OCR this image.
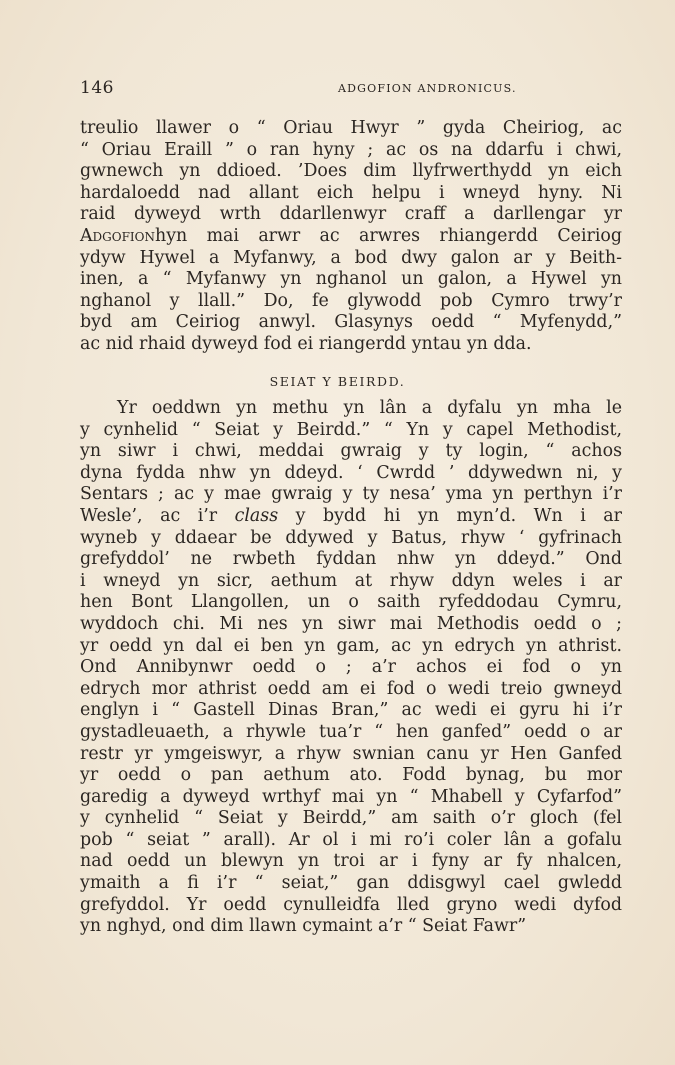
146	ADGOFION ANDRONICUS.
treulio llawer o “ Oriau Hwyr ” gyda Cheiriog, ac
“ Oriau Eraill ” o ran hyny ; ac os na ddarfu i chwi,
gwnewch yn ddioed. ’Does dim llyfrwerthydd yn eich
hardaloedd nad allant eich helpu i wneyd hyny. Ni
raid dyweyd wrth ddarllenwyr craff a darllengar yr
Adgofionhyn mai arwr ac arwres rhiangerdd Ceiriog
ydyw Hywel a Myfanwy, a bod dwy galon ar y Beith-
inen, a “ Myfanwy yn nghanol un galon, a Hywel yn
nghanol y llall.” Do, fe glywodd pob Cymro trwy’r
byd am Ceiriog anwyl. Glasynys oedd “ Myfenydd,”
ac nid rhaid dyweyd fod ei riangerdd yntau yn dda.
SEIAT Y BEIRDD.
Yr oeddwn yn methu yn lân a dyfalu yn mha le
y cynhelid “ Seiat y Beirdd.” “ Yn y capel Methodist,
yn siwr i chwi, meddai gwraig y ty login, “ achos
dyna fydda nhw yn ddeyd. ‘ Cwrdd ’ ddywedwn ni, y
Sentars ; ac y mae gwraig y ty nesa’ yma yn perthyn i’r
Wesle’, ac i’r class y bydd hi yn myn’d. Wn i ar
wyneb y ddaear be ddywed y Batus, rhyw ‘ gyfrinach
grefyddol’ ne rwbeth fyddan nhw yn ddeyd.” Ond
i wneyd yn sicr, aethum at rhyw ddyn weles i ar
hen Bont Llangollen, un o saith ryfeddodau Cymru,
wyddoch chi. Mi nes yn siwr mai Methodis oedd o ;
yr oedd yn dal ei ben yn gam, ac yn edrych yn athrist.
Ond Annibynwr oedd o ; a’r achos ei fod o yn
edrych mor athrist oedd am ei fod o wedi treio gwneyd
englyn i “ Gastell Dinas Bran,” ac wedi ei gyru hi i’r
gystadleuaeth, a rhywle tua’r “ hen ganfed” oedd o ar
restr yr ymgeiswyr, a rhyw swnian canu yr Hen Ganfed
yr oedd o pan aethum ato. Fodd bynag, bu mor
garedig a dyweyd wrthyf mai yn “ Mhabell y Cyfarfod”
y cynhelid “ Seiat y Beirdd,” am saith o’r gloch (fel
pob “ seiat ” arall). Ar ol i mi ro’i coler lân a gofalu
nad oedd un blewyn yn troi ar i fyny ar fy nhalcen,
ymaith a fi i’r “ seiat,” gan ddisgwyl cael gwledd
grefyddol. Yr oedd cynulleidfa lled gryno wedi dyfod
yn nghyd, ond dim llawn cymaint a’r “ Seiat Fawr”
